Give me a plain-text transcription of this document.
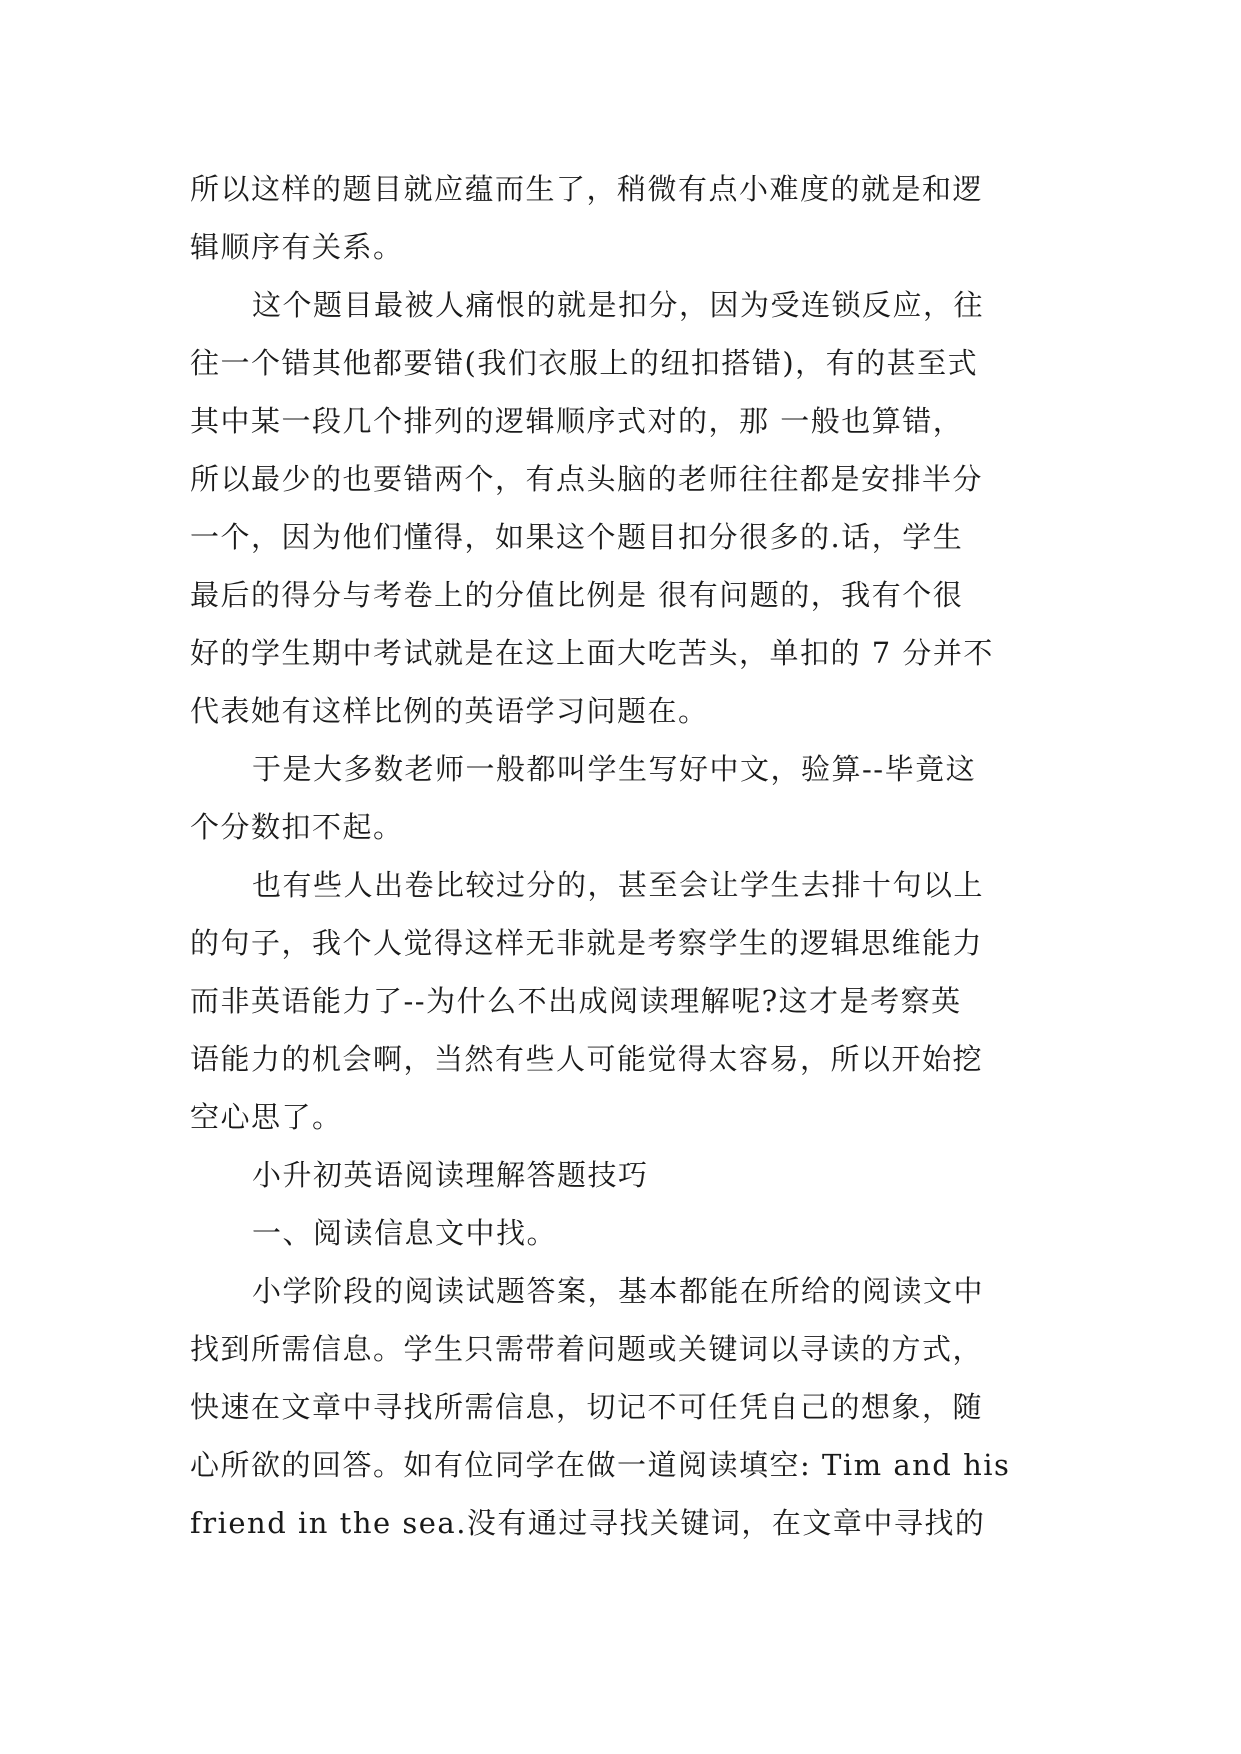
所以这样的题目就应蕴而生了，稍微有点小难度的就是和逻
辑顺序有关系。
这个题目最被人痛恨的就是扣分，因为受连锁反应，往
往一个错其他都要错(我们衣服上的纽扣搭错)，有的甚至式
其中某一段几个排列的逻辑顺序式对的，那 一般也算错，
所以最少的也要错两个，有点头脑的老师往往都是安排半分
一个，因为他们懂得，如果这个题目扣分很多的.话，学生
最后的得分与考卷上的分值比例是 很有问题的，我有个很
好的学生期中考试就是在这上面大吃苦头，单扣的 7 分并不
代表她有这样比例的英语学习问题在。
于是大多数老师一般都叫学生写好中文，验算--毕竟这
个分数扣不起。
也有些人出卷比较过分的，甚至会让学生去排十句以上
的句子，我个人觉得这样无非就是考察学生的逻辑思维能力
而非英语能力了--为什么不出成阅读理解呢?这才是考察英
语能力的机会啊，当然有些人可能觉得太容易，所以开始挖
空心思了。
小升初英语阅读理解答题技巧
一、阅读信息文中找。
小学阶段的阅读试题答案，基本都能在所给的阅读文中
找到所需信息。学生只需带着问题或关键词以寻读的方式，
快速在文章中寻找所需信息，切记不可任凭自己的想象，随
心所欲的回答。如有位同学在做一道阅读填空: Tim and his
friend in the sea.没有通过寻找关键词，在文章中寻找的
